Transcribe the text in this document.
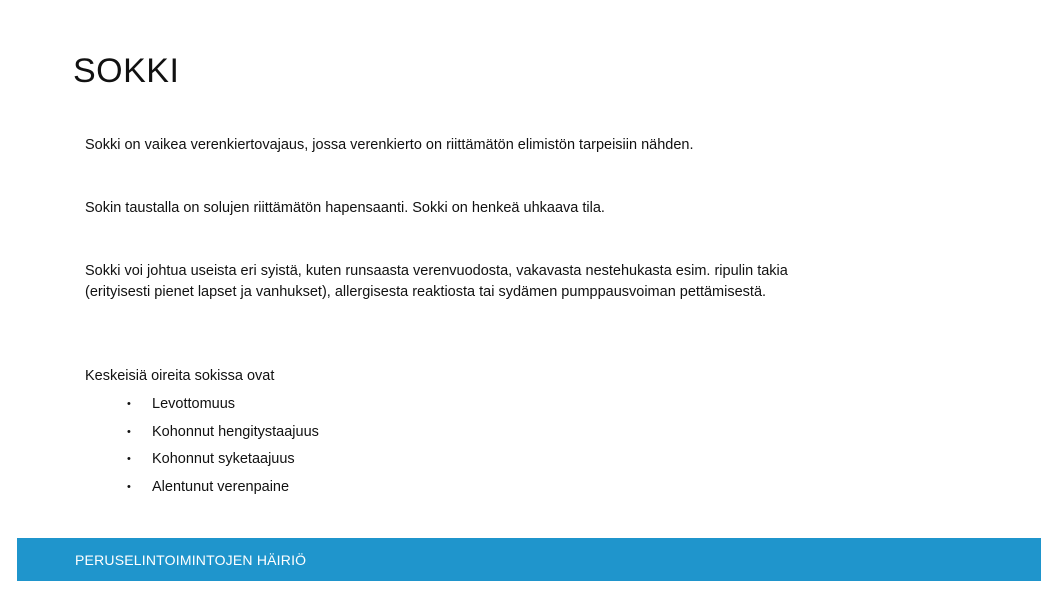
SOKKI

Sokki on vaikea verenkiertovajaus, jossa verenkierto on riittämätön elimistön tarpeisiin nähden.

Sokin taustalla on solujen riittämätön hapensaanti. Sokki on henkeä uhkaava tila.

Sokki voi johtua useista eri syistä, kuten runsaasta verenvuodosta, vakavasta nestehukasta esim. ripulin takia (erityisesti pienet lapset ja vanhukset), allergisesta reaktiosta tai sydämen pumppausvoiman pettämisestä.

Keskeisiä oireita sokissa ovat

• Levottomuus
• Kohonnut hengitystaajuus
• Kohonnut syketaajuus
• Alentunut verenpaine
PERUSELINTOIMINTOJEN HÄIRIÖ
